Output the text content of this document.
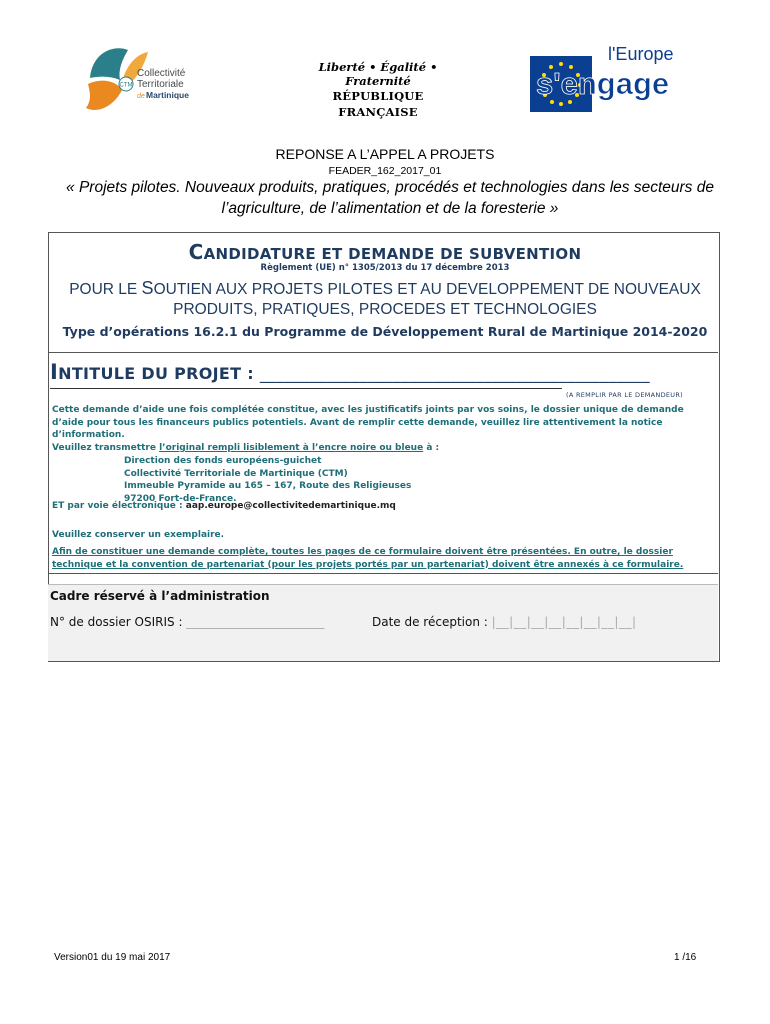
CTM
Collectivité
Territoriale
de Martinique
Liberté • Égalité • Fraternité
RÉPUBLIQUE FRANÇAISE
l'Europe
s'engage
REPONSE A L’APPEL A PROJETS
FEADER_162_2017_01
« Projets pilotes. Nouveaux produits, pratiques, procédés et technologies dans les secteurs de
l’agriculture, de l’alimentation et de la foresterie »
CANDIDATURE ET DEMANDE DE SUBVENTION
Règlement (UE) n° 1305/2013 du 17 décembre 2013
POUR LE SOUTIEN AUX PROJETS PILOTES ET AU DEVELOPPEMENT DE NOUVEAUX
PRODUITS, PRATIQUES, PROCEDES ET TECHNOLOGIES
Type d’opérations 16.2.1 du Programme de Développement Rural de Martinique 2014-2020
INTITULE DU PROJET : _______________________________________________
(A REMPLIR PAR LE DEMANDEUR)
Cette demande d’aide une fois complétée constitue, avec les justificatifs joints par vos soins, le dossier unique de demande d’aide pour tous les financeurs publics potentiels. Avant de remplir cette demande, veuillez lire attentivement la notice d’information.
Veuillez transmettre l’original rempli lisiblement à l’encre noire ou bleue à :
Direction des fonds européens-guichet
Collectivité Territoriale de Martinique (CTM)
Immeuble Pyramide au 165 – 167, Route des Religieuses
97200 Fort-de-France.
ET par voie électronique : aap.europe@collectivitedemartinique.mq
Veuillez conserver un exemplaire.
Afin de constituer une demande complète, toutes les pages de ce formulaire doivent être présentées. En outre, le dossier technique et la convention de partenariat (pour les projets portés par un partenariat) doivent être annexés à ce formulaire.
Cadre réservé à l’administration
N° de dossier OSIRIS : _______________________	Date de réception : |__|__|__|__|__|__|__|__|
Version01 du 19 mai 2017	1 /16
